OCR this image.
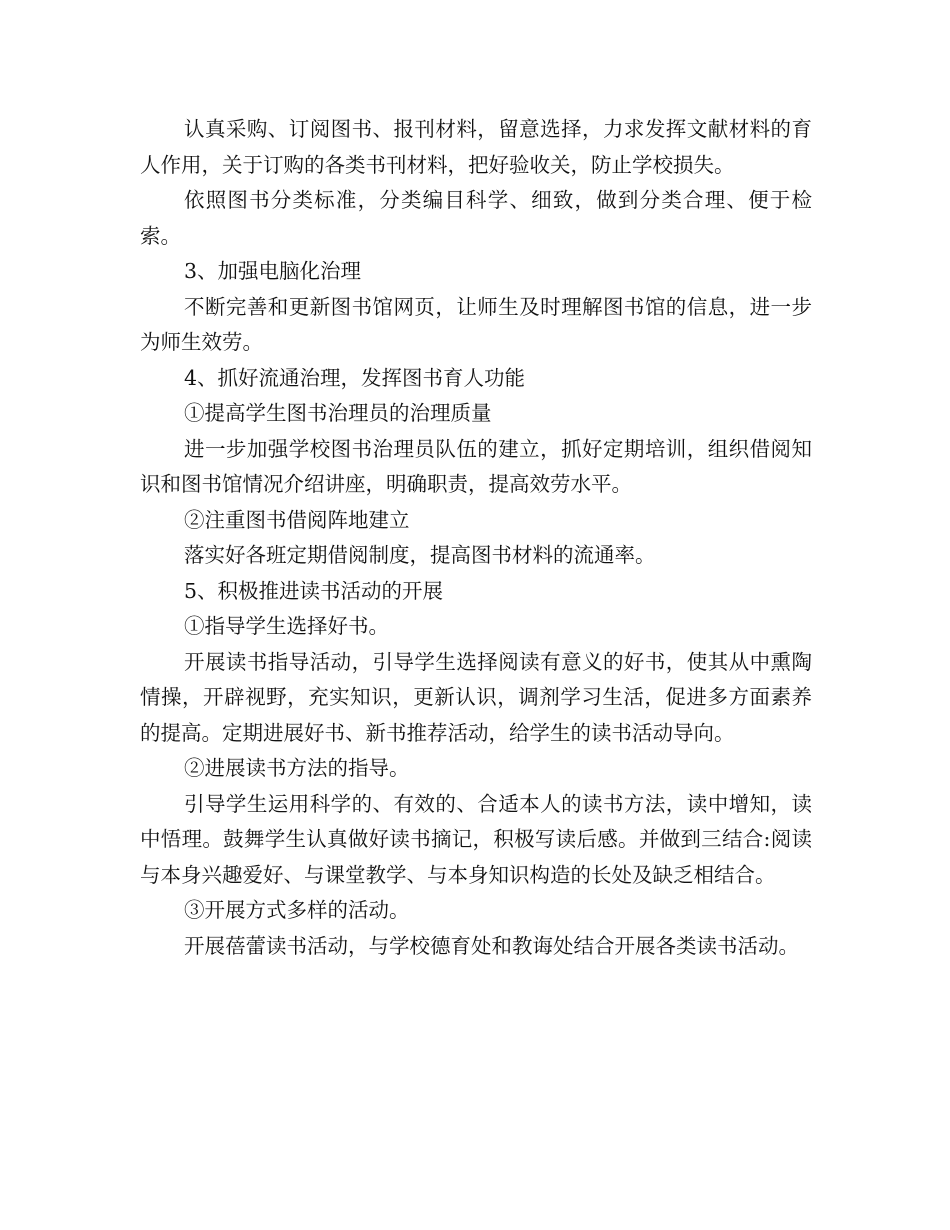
认真采购、订阅图书、报刊材料，留意选择，力求发挥文献材料的育人作用，关于订购的各类书刊材料，把好验收关，防止学校损失。

依照图书分类标准，分类编目科学、细致，做到分类合理、便于检索。

3、加强电脑化治理

不断完善和更新图书馆网页，让师生及时理解图书馆的信息，进一步为师生效劳。

4、抓好流通治理，发挥图书育人功能

①提高学生图书治理员的治理质量

进一步加强学校图书治理员队伍的建立，抓好定期培训，组织借阅知识和图书馆情况介绍讲座，明确职责，提高效劳水平。

②注重图书借阅阵地建立

落实好各班定期借阅制度，提高图书材料的流通率。

5、积极推进读书活动的开展

①指导学生选择好书。

开展读书指导活动，引导学生选择阅读有意义的好书，使其从中熏陶情操，开辟视野，充实知识，更新认识，调剂学习生活，促进多方面素养的提高。定期进展好书、新书推荐活动，给学生的读书活动导向。

②进展读书方法的指导。

引导学生运用科学的、有效的、合适本人的读书方法，读中增知，读中悟理。鼓舞学生认真做好读书摘记，积极写读后感。并做到三结合:阅读与本身兴趣爱好、与课堂教学、与本身知识构造的长处及缺乏相结合。

③开展方式多样的活动。

开展蓓蕾读书活动，与学校德育处和教诲处结合开展各类读书活动。
